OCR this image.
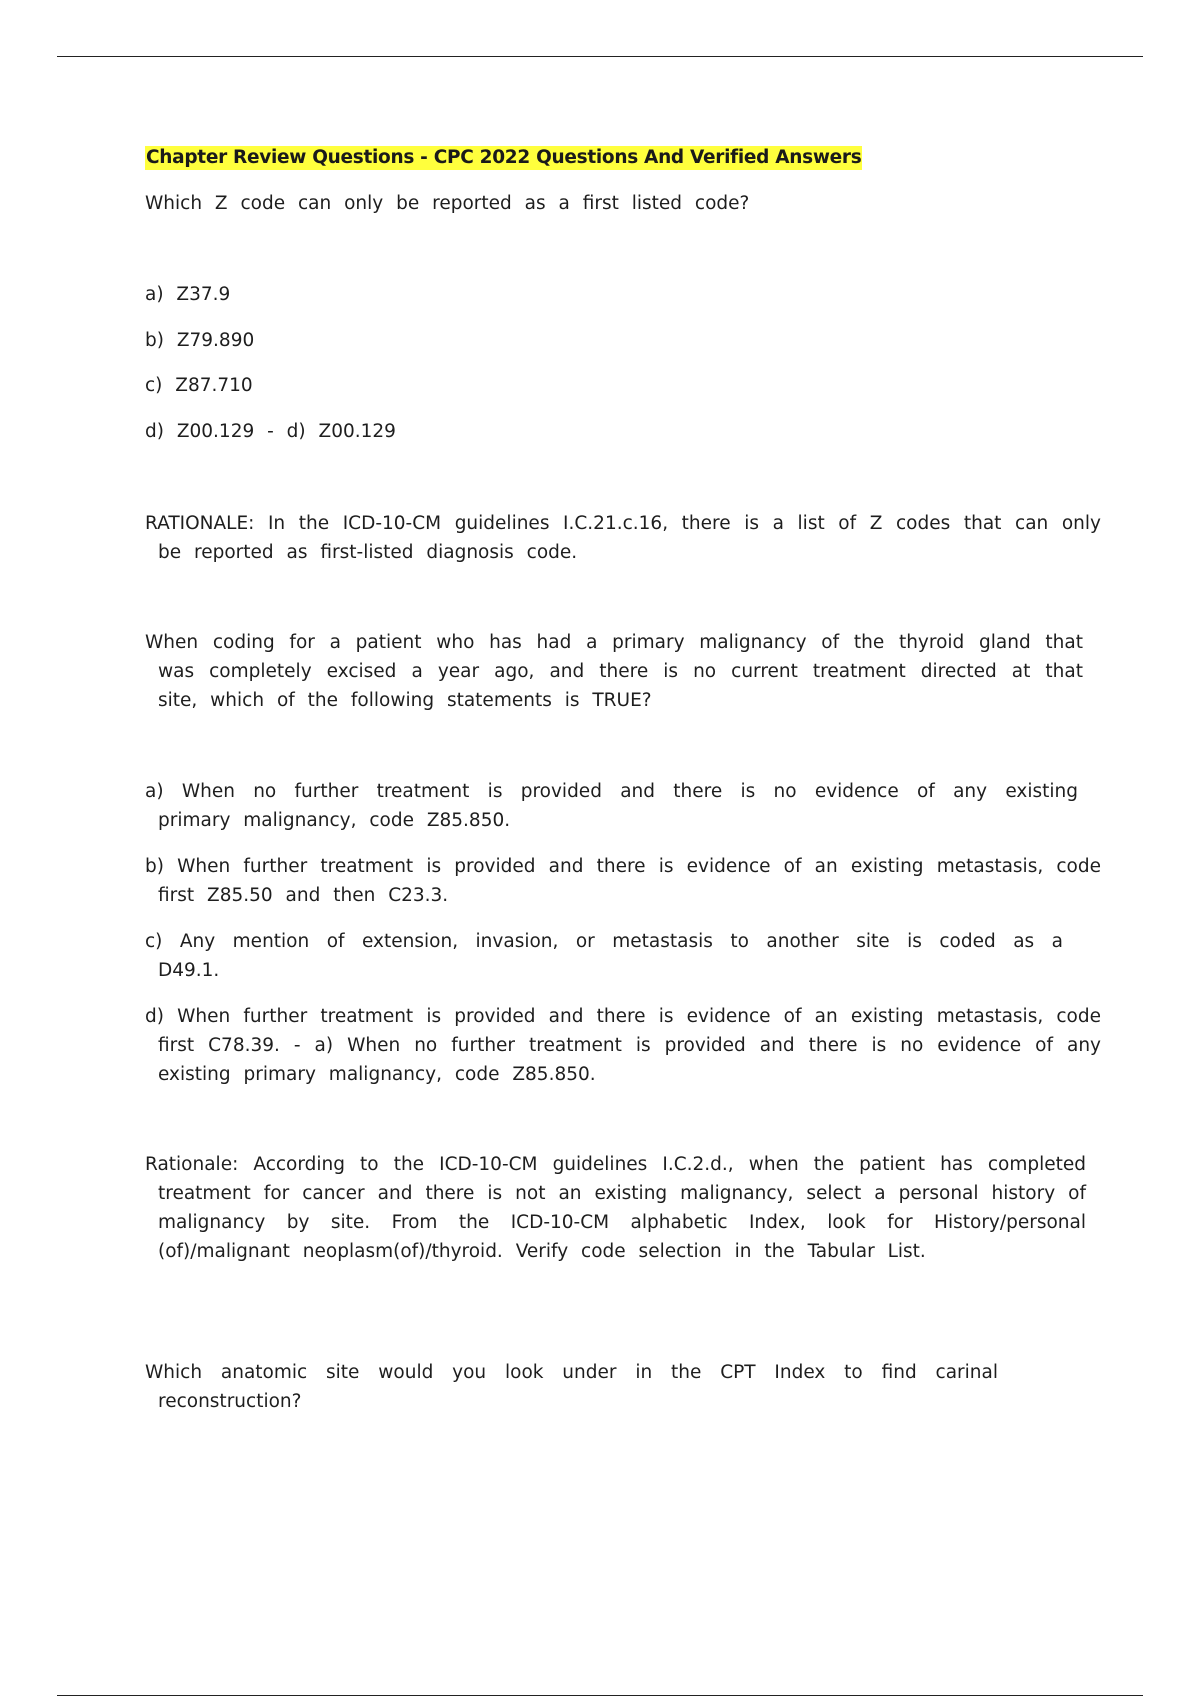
Chapter Review Questions - CPC 2022 Questions And Verified Answers

Which Z code can only be reported as a first listed code?

a) Z37.9

b) Z79.890

c) Z87.710

d) Z00.129 - d) Z00.129

RATIONALE: In the ICD-10-CM guidelines I.C.21.c.16, there is a list of Z codes that can only be reported as first-listed diagnosis code.

When coding for a patient who has had a primary malignancy of the thyroid gland that was completely excised a year ago, and there is no current treatment directed at that site, which of the following statements is TRUE?

a) When no further treatment is provided and there is no evidence of any existing primary malignancy, code Z85.850.

b) When further treatment is provided and there is evidence of an existing metastasis, code first Z85.50 and then C23.3.

c) Any mention of extension, invasion, or metastasis to another site is coded as a D49.1.

d) When further treatment is provided and there is evidence of an existing metastasis, code first C78.39. - a) When no further treatment is provided and there is no evidence of any existing primary malignancy, code Z85.850.

Rationale: According to the ICD-10-CM guidelines I.C.2.d., when the patient has completed treatment for cancer and there is not an existing malignancy, select a personal history of malignancy by site. From the ICD-10-CM alphabetic Index, look for History/personal (of)/malignant neoplasm(of)/thyroid. Verify code selection in the Tabular List.

Which anatomic site would you look under in the CPT Index to find carinal reconstruction?
